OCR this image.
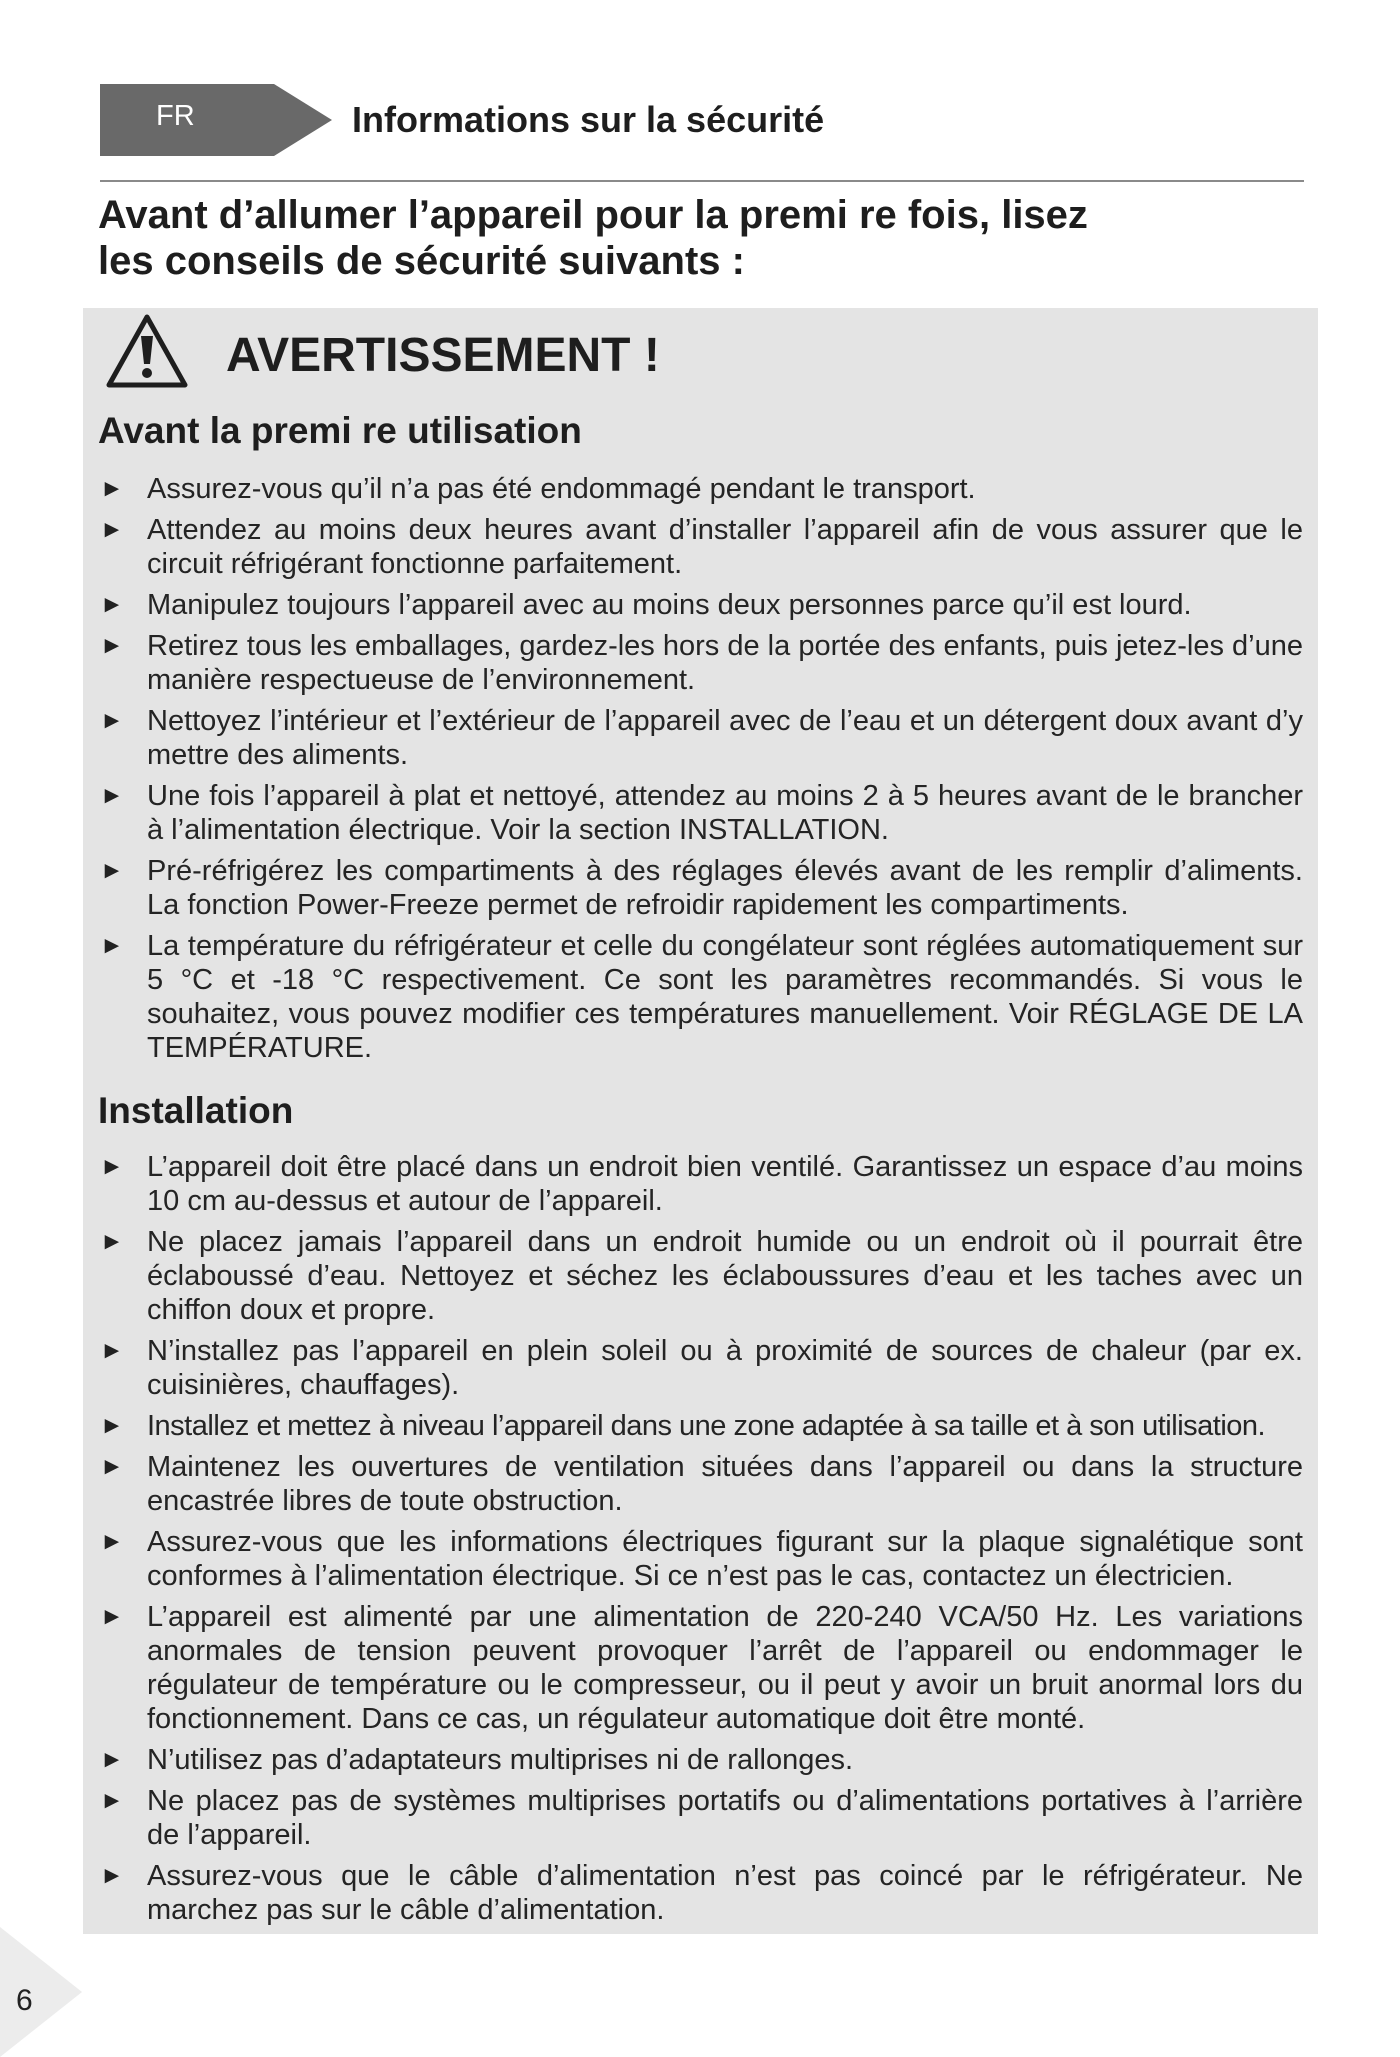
FR	Informations sur la sécurité
Avant d’allumer l’appareil pour la premi re fois, lisez
les conseils de sécurité suivants :
AVERTISSEMENT !
Avant la premi re utilisation
► Assurez-vous qu’il n’a pas été endommagé pendant le transport.
► Attendez au moins deux heures avant d’installer l’appareil afin de vous assurer que le circuit réfrigérant fonctionne parfaitement.
► Manipulez toujours l’appareil avec au moins deux personnes parce qu’il est lourd.
► Retirez tous les emballages, gardez-les hors de la portée des enfants, puis jetez-les d’une manière respectueuse de l’environnement.
► Nettoyez l’intérieur et l’extérieur de l’appareil avec de l’eau et un détergent doux avant d’y mettre des aliments.
► Une fois l’appareil à plat et nettoyé, attendez au moins 2 à 5 heures avant de le brancher à l’alimentation électrique. Voir la section INSTALLATION.
► Pré-réfrigérez les compartiments à des réglages élevés avant de les remplir d’aliments. La fonction Power-Freeze permet de refroidir rapidement les compartiments.
► La température du réfrigérateur et celle du congélateur sont réglées automatiquement sur 5 °C et -18 °C respectivement. Ce sont les paramètres recommandés. Si vous le souhaitez, vous pouvez modifier ces températures manuellement. Voir RÉGLAGE DE LA TEMPÉRATURE.
Installation
► L’appareil doit être placé dans un endroit bien ventilé. Garantissez un espace d’au moins 10 cm au-dessus et autour de l’appareil.
► Ne placez jamais l’appareil dans un endroit humide ou un endroit où il pourrait être éclaboussé d’eau. Nettoyez et séchez les éclaboussures d’eau et les taches avec un chiffon doux et propre.
► N’installez pas l’appareil en plein soleil ou à proximité de sources de chaleur (par ex. cuisinières, chauffages).
► Installez et mettez à niveau l’appareil dans une zone adaptée à sa taille et à son utilisation.
► Maintenez les ouvertures de ventilation situées dans l’appareil ou dans la structure encastrée libres de toute obstruction.
► Assurez-vous que les informations électriques figurant sur la plaque signalétique sont conformes à l’alimentation électrique. Si ce n’est pas le cas, contactez un électricien.
► L’appareil est alimenté par une alimentation de 220-240 VCA/50 Hz. Les variations anormales de tension peuvent provoquer l’arrêt de l’appareil ou endommager le régulateur de température ou le compresseur, ou il peut y avoir un bruit anormal lors du fonctionnement. Dans ce cas, un régulateur automatique doit être monté.
► N’utilisez pas d’adaptateurs multiprises ni de rallonges.
► Ne placez pas de systèmes multiprises portatifs ou d’alimentations portatives à l’arrière de l’appareil.
► Assurez-vous que le câble d’alimentation n’est pas coincé par le réfrigérateur. Ne marchez pas sur le câble d’alimentation.
6
